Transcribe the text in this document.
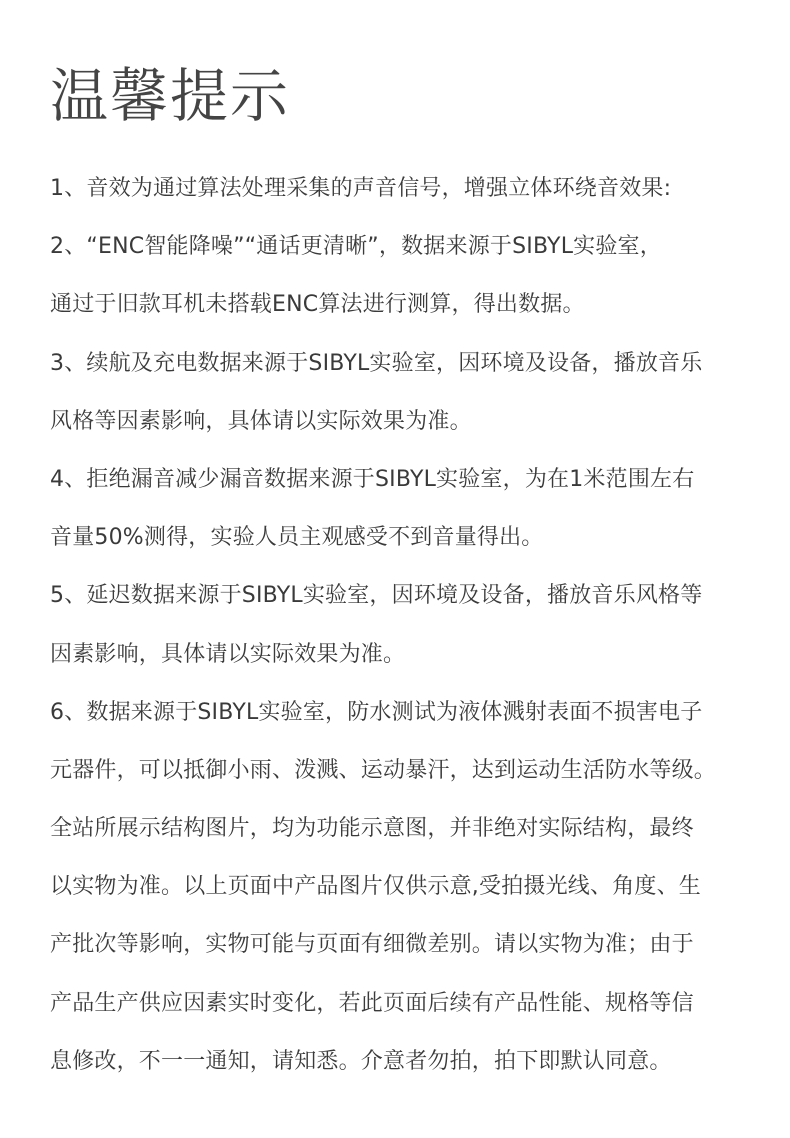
温馨提示
1、音效为通过算法处理采集的声音信号，增强立体环绕音效果:
2、“ENC智能降噪”“通话更清晰”，数据来源于SIBYL实验室，
通过于旧款耳机未搭载ENC算法进行测算，得出数据。
3、续航及充电数据来源于SIBYL实验室，因环境及设备，播放音乐
风格等因素影响，具体请以实际效果为准。
4、拒绝漏音减少漏音数据来源于SIBYL实验室，为在1米范围左右
音量50%测得，实验人员主观感受不到音量得出。
5、延迟数据来源于SIBYL实验室，因环境及设备，播放音乐风格等
因素影响，具体请以实际效果为准。
6、数据来源于SIBYL实验室，防水测试为液体溅射表面不损害电子
元器件，可以抵御小雨、泼溅、运动暴汗，达到运动生活防水等级。
全站所展示结构图片，均为功能示意图，并非绝对实际结构，最终
以实物为准。以上页面中产品图片仅供示意,受拍摄光线、角度、生
产批次等影响，实物可能与页面有细微差别。请以实物为准；由于
产品生产供应因素实时变化，若此页面后续有产品性能、规格等信
息修改，不一一通知，请知悉。介意者勿拍，拍下即默认同意。
